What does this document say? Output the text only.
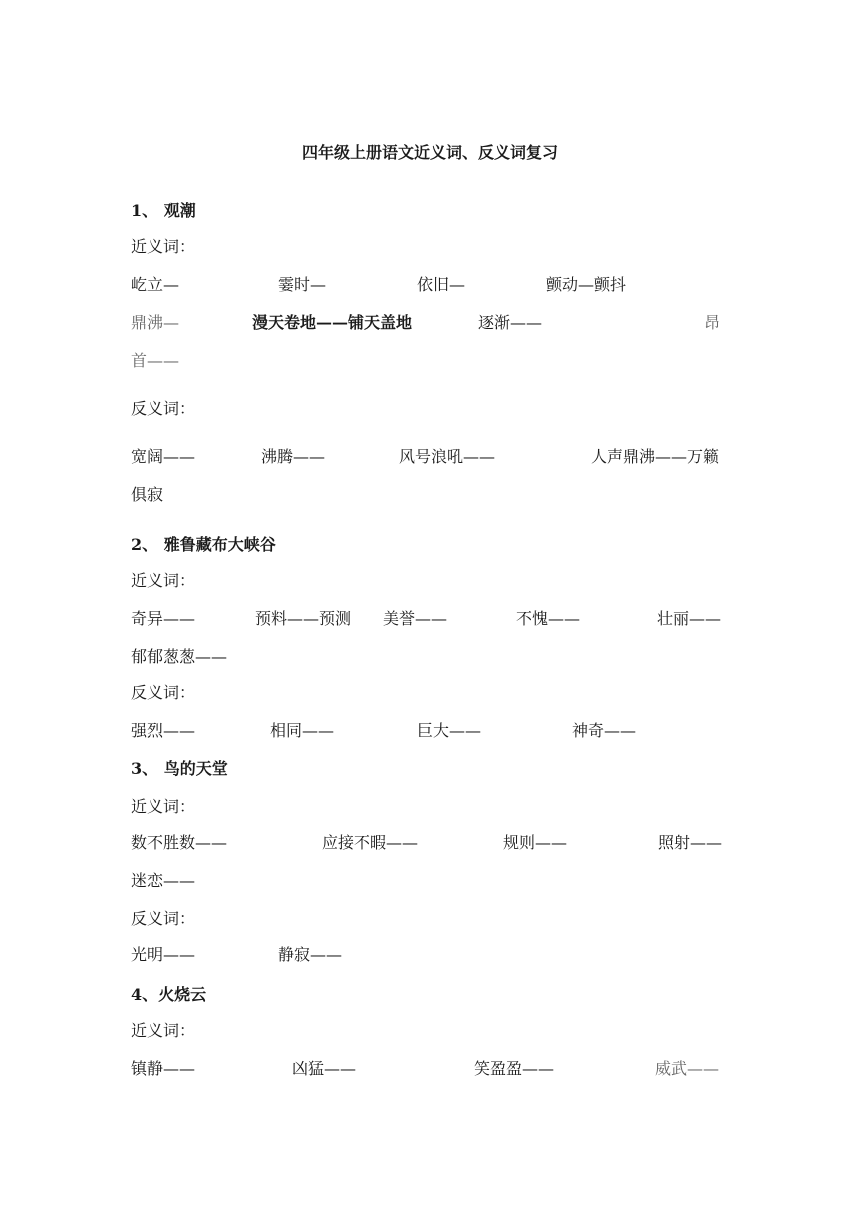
四年级上册语文近义词、反义词复习
1、 观潮
近义词：
屹立—	霎时—	依旧—	颤动—颤抖
鼎沸—	漫天卷地——铺天盖地	逐渐——	昂
首——
反义词：
宽阔——	沸腾——	风号浪吼——	人声鼎沸——万籁
俱寂
2、 雅鲁藏布大峡谷
近义词：
奇异——	预料——预测 美誉——	不愧——	壮丽——
郁郁葱葱——
反义词：
强烈——	相同——	巨大——	神奇——
3、 鸟的天堂
近义词：
数不胜数——	应接不暇——	规则——	照射——
迷恋——
反义词：
光明——	静寂——
4、火烧云
近义词：
镇静——	凶猛——	笑盈盈——	威武——
